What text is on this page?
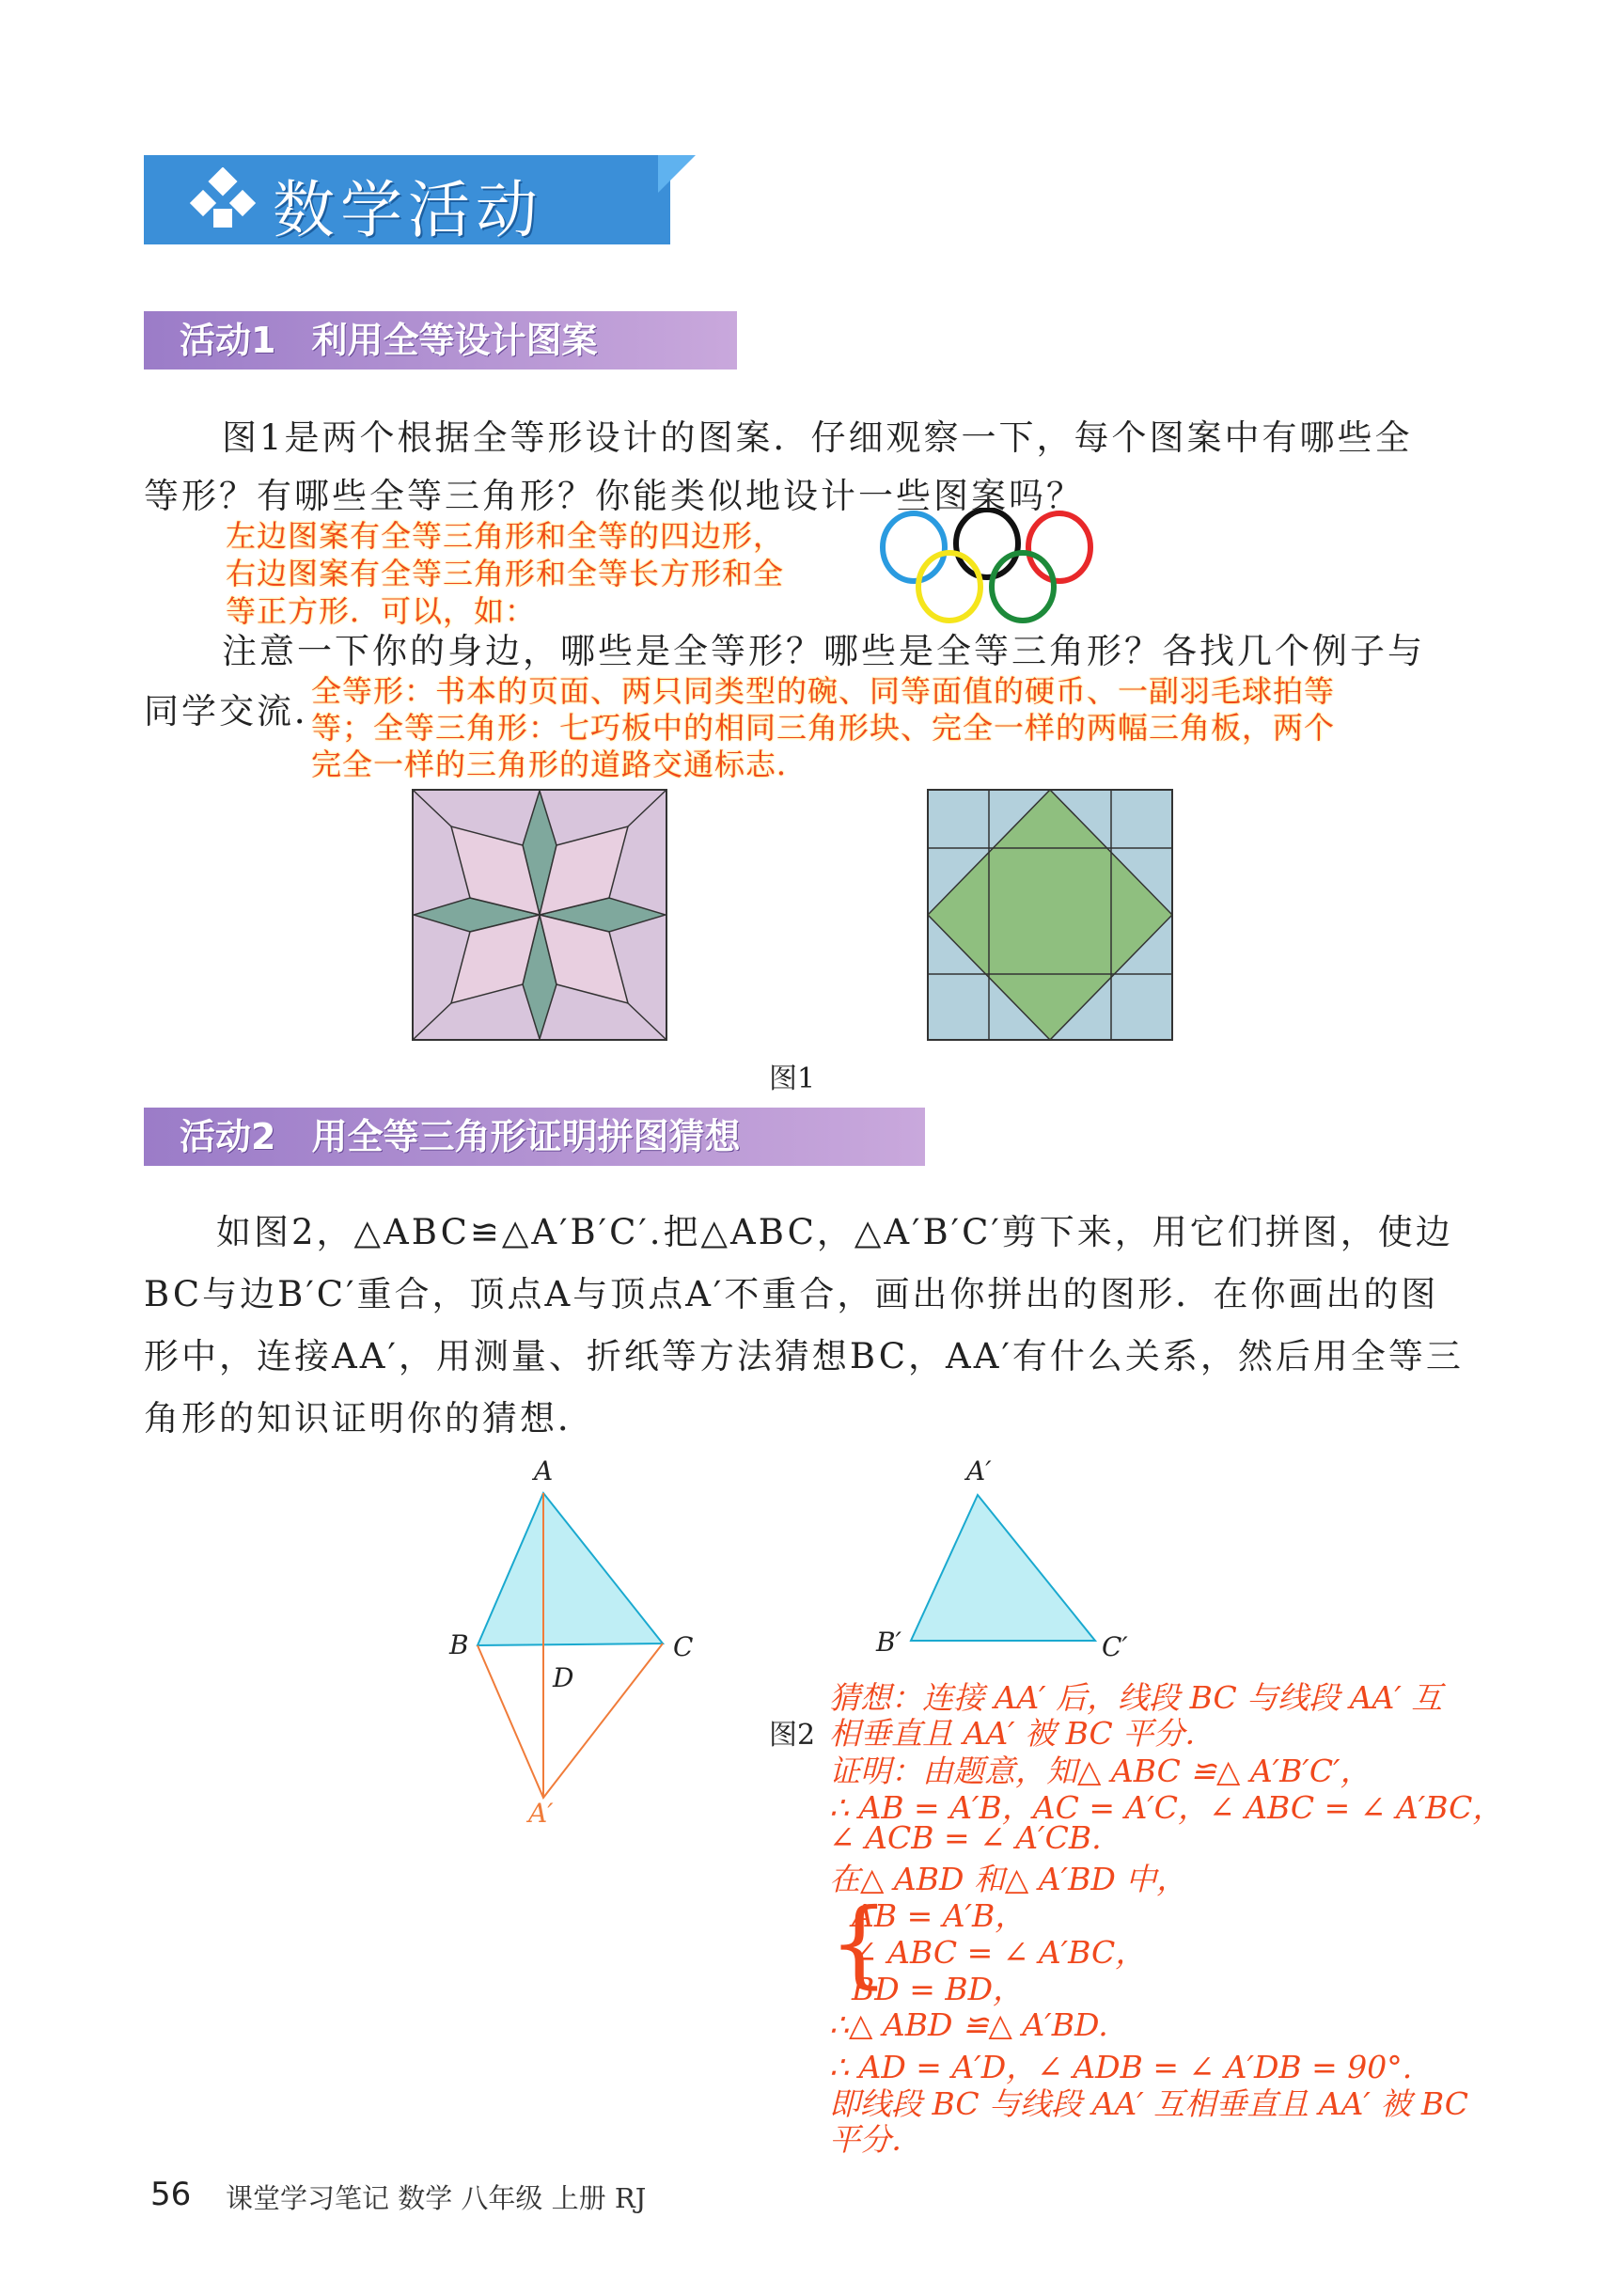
数学活动
活动1　利用全等设计图案
图1是两个根据全等形设计的图案．仔细观察一下，每个图案中有哪些全
等形？有哪些全等三角形？你能类似地设计一些图案吗？
左边图案有全等三角形和全等的四边形，
右边图案有全等三角形和全等长方形和全
等正方形．可以，如：
注意一下你的身边，哪些是全等形？哪些是全等三角形？各找几个例子与
同学交流．
全等形：书本的页面、两只同类型的碗、同等面值的硬币、一副羽毛球拍等
等；全等三角形：七巧板中的相同三角形块、完全一样的两幅三角板，两个
完全一样的三角形的道路交通标志．
图1
活动2　用全等三角形证明拼图猜想
如图2，△ABC≌△A′B′C′.把△ABC，△A′B′C′剪下来，用它们拼图，使边
BC与边B′C′重合，顶点A与顶点A′不重合，画出你拼出的图形．在你画出的图
形中，连接AA′，用测量、折纸等方法猜想BC，AA′有什么关系，然后用全等三
角形的知识证明你的猜想．
A
B	C
D
A′
A′
B′	C′
图2
猜想：连接 AA′ 后，线段 BC 与线段 AA′ 互
相垂直且 AA′ 被 BC 平分．
证明：由题意，知△ ABC ≌△ A′B′C′，
∴ AB = A′B，AC = A′C，∠ ABC = ∠ A′BC，
∠ ACB = ∠ A′CB.
在△ ABD 和△ A′BD 中，
{
AB = A′B，
∠ ABC = ∠ A′BC，
BD = BD，
∴△ ABD ≌△ A′BD.
∴ AD = A′D，∠ ADB = ∠ A′DB = 90°.
即线段 BC 与线段 AA′ 互相垂直且 AA′ 被 BC
平分．
56 课堂学习笔记 数学 八年级 上册 RJ
